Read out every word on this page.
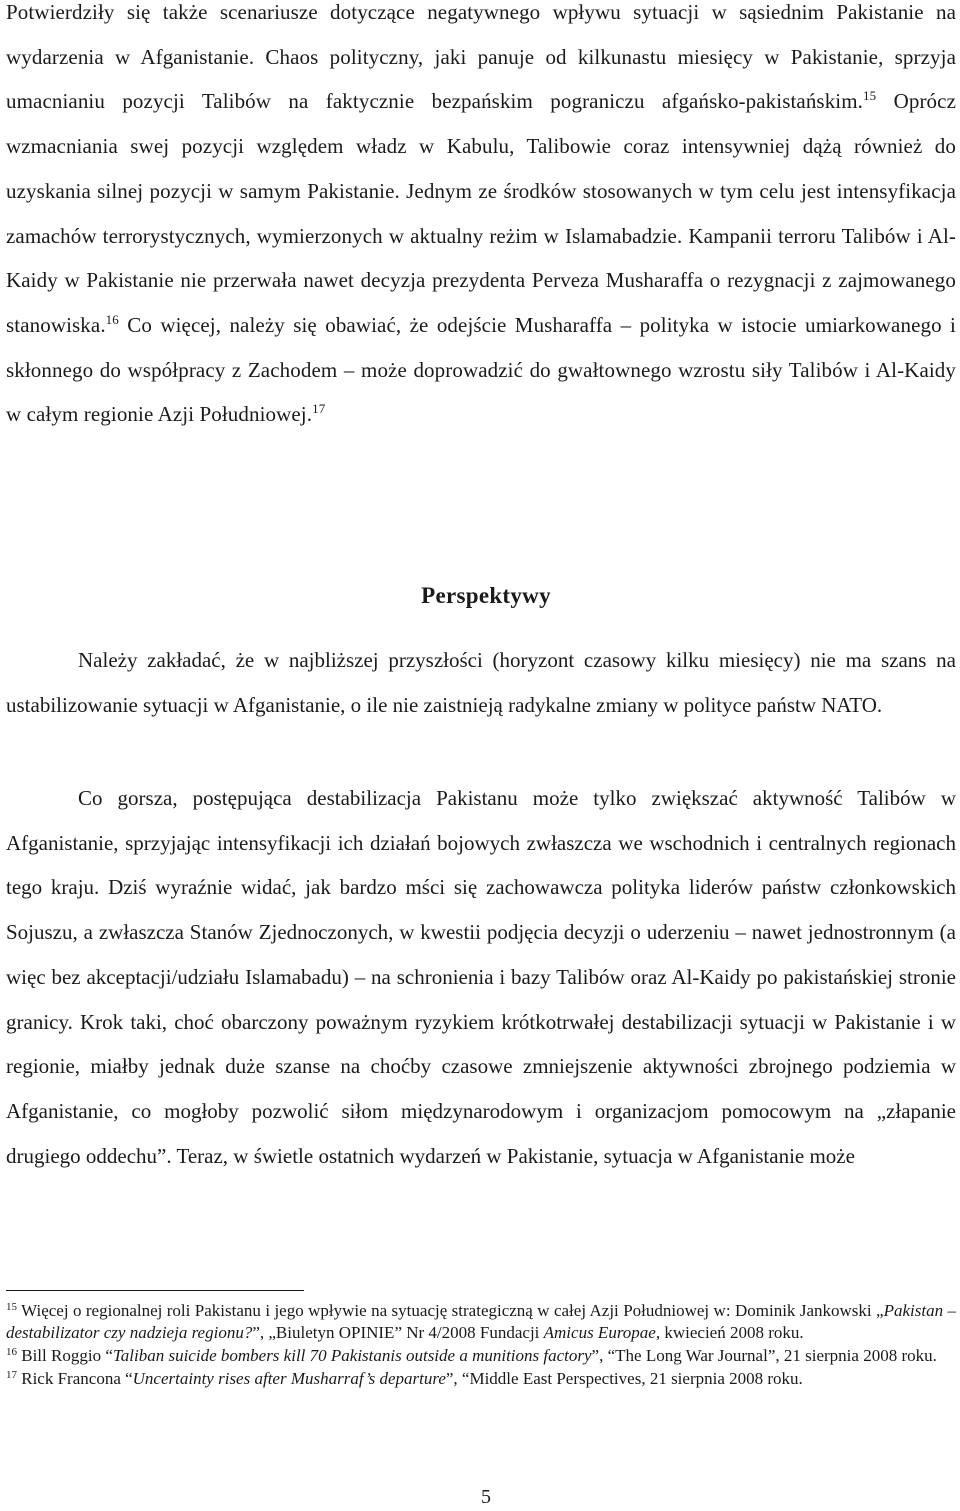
Potwierdziły się także scenariusze dotyczące negatywnego wpływu sytuacji w sąsiednim Pakistanie na wydarzenia w Afganistanie. Chaos polityczny, jaki panuje od kilkunastu miesięcy w Pakistanie, sprzyja umacnianiu pozycji Talibów na faktycznie bezpańskim pograniczu afgańsko-pakistańskim.$^{15}$ Oprócz wzmacniania swej pozycji względem władz w Kabulu, Talibowie coraz intensywniej dążą również do uzyskania silnej pozycji w samym Pakistanie. Jednym ze środków stosowanych w tym celu jest intensyfikacja zamachów terrorystycznych, wymierzonych w aktualny reżim w Islamabadzie. Kampanii terroru Talibów i Al-Kaidy w Pakistanie nie przerwała nawet decyzja prezydenta Perveza Musharaffa o rezygnacji z zajmowanego stanowiska.$^{16}$ Co więcej, należy się obawiać, że odejście Musharaffa – polityka w istocie umiarkowanego i skłonnego do współpracy z Zachodem – może doprowadzić do gwałtownego wzrostu siły Talibów i Al-Kaidy w całym regionie Azji Południowej.$^{17}$

Perspektywy

Należy zakładać, że w najbliższej przyszłości (horyzont czasowy kilku miesięcy) nie ma szans na ustabilizowanie sytuacji w Afganistanie, o ile nie zaistnieją radykalne zmiany w polityce państw NATO.

Co gorsza, postępująca destabilizacja Pakistanu może tylko zwiększać aktywność Talibów w Afganistanie, sprzyjając intensyfikacji ich działań bojowych zwłaszcza we wschodnich i centralnych regionach tego kraju. Dziś wyraźnie widać, jak bardzo mści się zachowawcza polityka liderów państw członkowskich Sojuszu, a zwłaszcza Stanów Zjednoczonych, w kwestii podjęcia decyzji o uderzeniu – nawet jednostronnym (a więc bez akceptacji/udziału Islamabadu) – na schronienia i bazy Talibów oraz Al-Kaidy po pakistańskiej stronie granicy. Krok taki, choć obarczony poważnym ryzykiem krótkotrwałej destabilizacji sytuacji w Pakistanie i w regionie, miałby jednak duże szanse na choćby czasowe zmniejszenie aktywności zbrojnego podziemia w Afganistanie, co mogłoby pozwolić siłom międzynarodowym i organizacjom pomocowym na „złapanie drugiego oddechu”. Teraz, w świetle ostatnich wydarzeń w Pakistanie, sytuacja w Afganistanie może

$^{15}$ Więcej o regionalnej roli Pakistanu i jego wpływie na sytuację strategiczną w całej Azji Południowej w: Dominik Jankowski „Pakistan – destabilizator czy nadzieja regionu?”, „Biuletyn OPINIE” Nr 4/2008 Fundacji Amicus Europae, kwiecień 2008 roku.

$^{16}$ Bill Roggio “Taliban suicide bombers kill 70 Pakistanis outside a munitions factory”, “The Long War Journal”, 21 sierpnia 2008 roku.

$^{17}$ Rick Francona “Uncertainty rises after Musharraf’s departure”, “Middle East Perspectives, 21 sierpnia 2008 roku.

5
